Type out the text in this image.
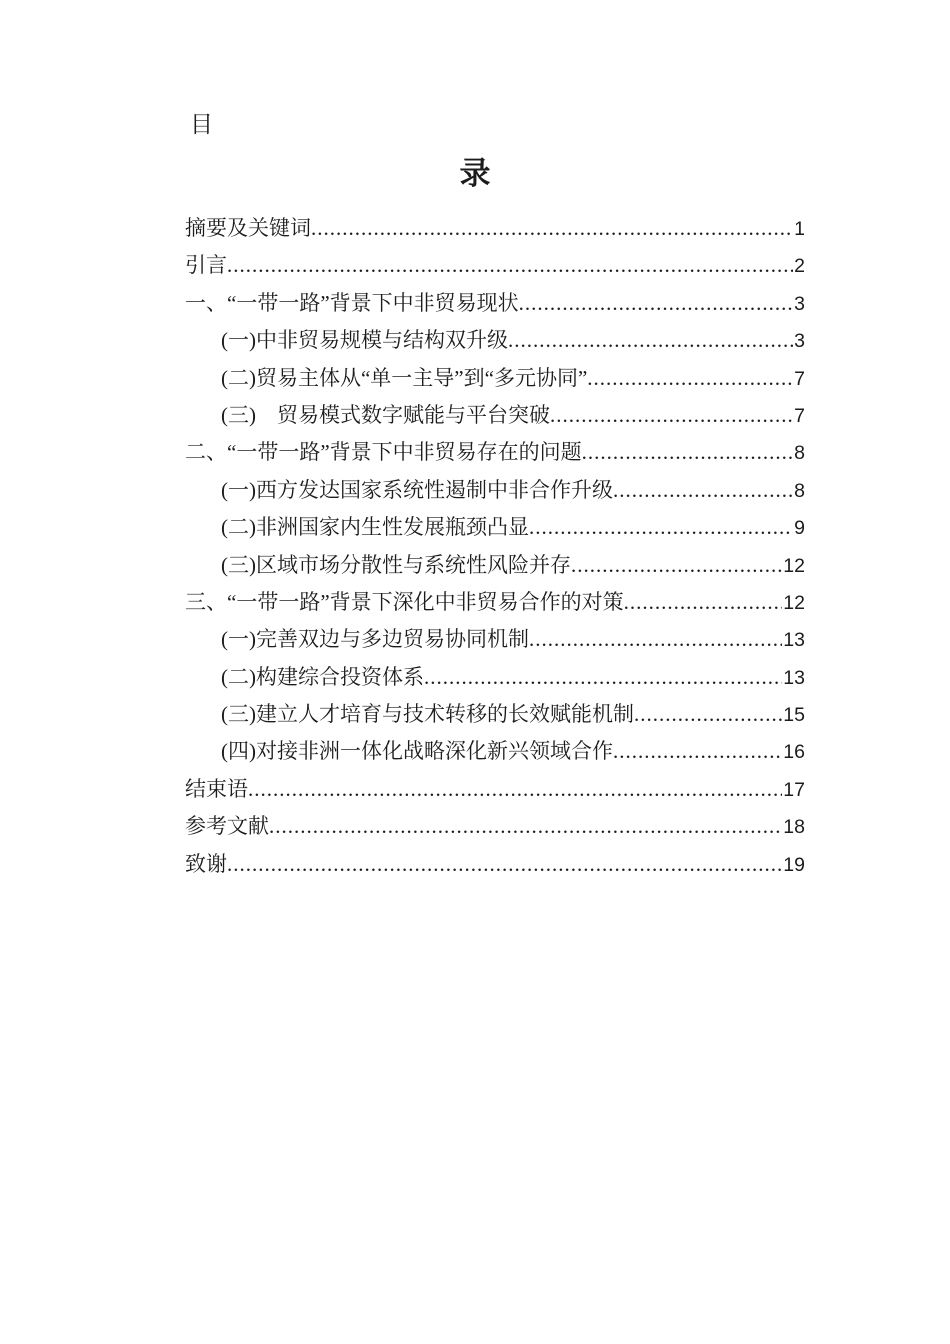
目
录
摘要及关键词 .....	1
引言 .....	2
一、“一带一路”背景下中非贸易现状 .....	3
(一)中非贸易规模与结构双升级 .....	3
(二)贸易主体从“单一主导”到“多元协同” .....	7
(三)　贸易模式数字赋能与平台突破 .....	7
二、“一带一路”背景下中非贸易存在的问题 .....	8
(一)西方发达国家系统性遏制中非合作升级 .....	8
(二)非洲国家内生性发展瓶颈凸显 .....	9
(三)区域市场分散性与系统性风险并存 .....	12
三、“一带一路”背景下深化中非贸易合作的对策 .....	12
(一)完善双边与多边贸易协同机制 .....	13
(二)构建综合投资体系 .....	13
(三)建立人才培育与技术转移的长效赋能机制 .....	15
(四)对接非洲一体化战略深化新兴领域合作 .....	16
结束语 .....	17
参考文献 .....	18
致谢 .....	19
